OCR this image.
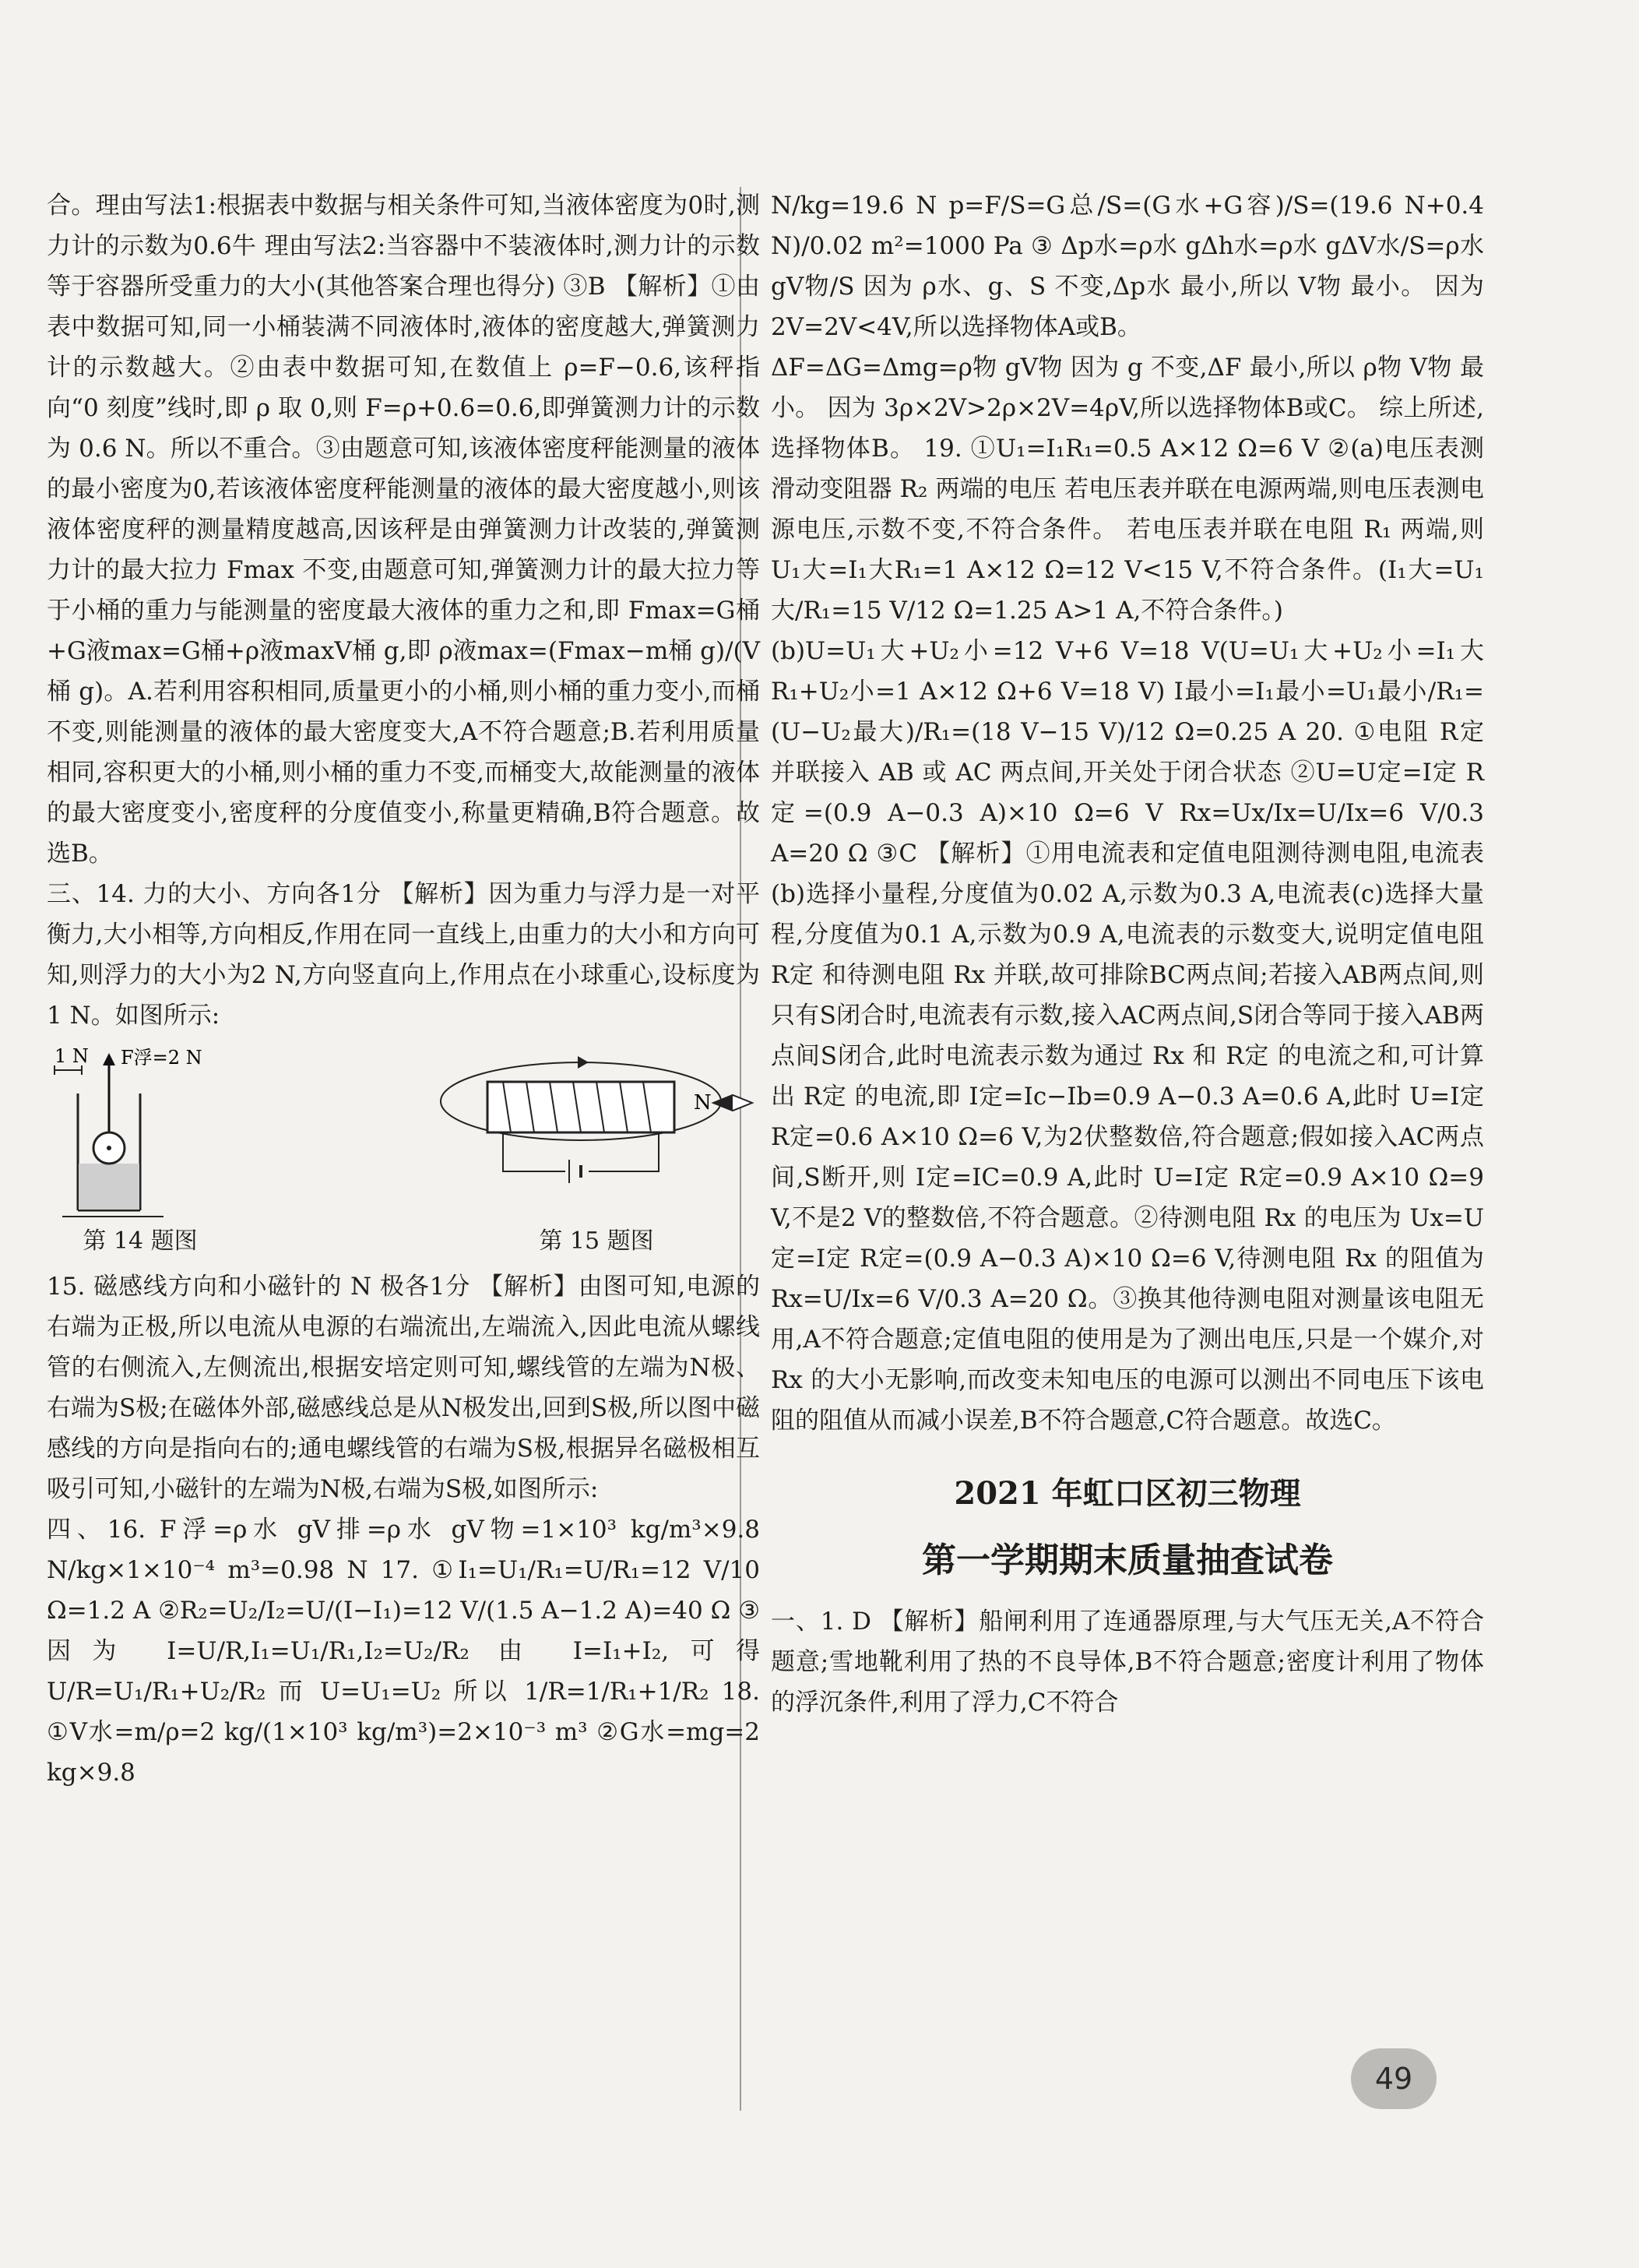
合。理由写法1:根据表中数据与相关条件可知,当液体密度为0时,测力计的示数为0.6牛 理由写法2:当容器中不装液体时,测力计的示数等于容器所受重力的大小(其他答案合理也得分) ③B 【解析】①由表中数据可知,同一小桶装满不同液体时,液体的密度越大,弹簧测力计的示数越大。②由表中数据可知,在数值上 ρ=F−0.6,该秤指向“0 刻度”线时,即 ρ 取 0,则 F=ρ+0.6=0.6,即弹簧测力计的示数为 0.6 N。所以不重合。③由题意可知,该液体密度秤能测量的液体的最小密度为0,若该液体密度秤能测量的液体的最大密度越小,则该液体密度秤的测量精度越高,因该秤是由弹簧测力计改装的,弹簧测力计的最大拉力 Fmax 不变,由题意可知,弹簧测力计的最大拉力等于小桶的重力与能测量的密度最大液体的重力之和,即 Fmax=G桶+G液max=G桶+ρ液maxV桶 g,即 ρ液max=(Fmax−m桶 g)/(V桶 g)。A.若利用容积相同,质量更小的小桶,则小桶的重力变小,而桶不变,则能测量的液体的最大密度变大,A不符合题意;B.若利用质量相同,容积更大的小桶,则小桶的重力不变,而桶变大,故能测量的液体的最大密度变小,密度秤的分度值变小,称量更精确,B符合题意。故选B。

三、14. 力的大小、方向各1分 【解析】因为重力与浮力是一对平衡力,大小相等,方向相反,作用在同一直线上,由重力的大小和方向可知,则浮力的大小为2 N,方向竖直向上,作用点在小球重心,设标度为1 N。如图所示:

1 N F浮=2 N
第 14 题图
N
第 15 题图

15. 磁感线方向和小磁针的 N 极各1分 【解析】由图可知,电源的右端为正极,所以电流从电源的右端流出,左端流入,因此电流从螺线管的右侧流入,左侧流出,根据安培定则可知,螺线管的左端为N极、右端为S极;在磁体外部,磁感线总是从N极发出,回到S极,所以图中磁感线的方向是指向右的;通电螺线管的右端为S极,根据异名磁极相互吸引可知,小磁针的左端为N极,右端为S极,如图所示:

四、16. F浮=ρ水 gV排=ρ水 gV物=1×10³ kg/m³×9.8 N/kg×1×10⁻⁴ m³=0.98 N 17. ①I₁=U₁/R₁=U/R₁=12 V/10 Ω=1.2 A ②R₂=U₂/I₂=U/(I−I₁)=12 V/(1.5 A−1.2 A)=40 Ω ③因为 I=U/R,I₁=U₁/R₁,I₂=U₂/R₂ 由 I=I₁+I₂,可得 U/R=U₁/R₁+U₂/R₂ 而 U=U₁=U₂ 所以 1/R=1/R₁+1/R₂ 18. ①V水=m/ρ=2 kg/(1×10³ kg/m³)=2×10⁻³ m³ ②G水=mg=2 kg×9.8

N/kg=19.6 N p=F/S=G总/S=(G水+G容)/S=(19.6 N+0.4 N)/0.02 m²=1000 Pa ③ Δp水=ρ水 gΔh水=ρ水 gΔV水/S=ρ水 gV物/S 因为 ρ水、g、S 不变,Δp水 最小,所以 V物 最小。 因为 2V=2V<4V,所以选择物体A或B。

ΔF=ΔG=Δmg=ρ物 gV物 因为 g 不变,ΔF 最小,所以 ρ物 V物 最小。 因为 3ρ×2V>2ρ×2V=4ρV,所以选择物体B或C。 综上所述,选择物体B。 19. ①U₁=I₁R₁=0.5 A×12 Ω=6 V ②(a)电压表测滑动变阻器 R₂ 两端的电压 若电压表并联在电源两端,则电压表测电源电压,示数不变,不符合条件。 若电压表并联在电阻 R₁ 两端,则 U₁大=I₁大R₁=1 A×12 Ω=12 V<15 V,不符合条件。(I₁大=U₁大/R₁=15 V/12 Ω=1.25 A>1 A,不符合条件。)

(b)U=U₁大+U₂小=12 V+6 V=18 V(U=U₁大+U₂小=I₁大R₁+U₂小=1 A×12 Ω+6 V=18 V) I最小=I₁最小=U₁最小/R₁=(U−U₂最大)/R₁=(18 V−15 V)/12 Ω=0.25 A 20. ①电阻 R定 并联接入 AB 或 AC 两点间,开关处于闭合状态 ②U=U定=I定 R定=(0.9 A−0.3 A)×10 Ω=6 V Rx=Ux/Ix=U/Ix=6 V/0.3 A=20 Ω ③C 【解析】①用电流表和定值电阻测待测电阻,电流表(b)选择小量程,分度值为0.02 A,示数为0.3 A,电流表(c)选择大量程,分度值为0.1 A,示数为0.9 A,电流表的示数变大,说明定值电阻 R定 和待测电阻 Rx 并联,故可排除BC两点间;若接入AB两点间,则只有S闭合时,电流表有示数,接入AC两点间,S闭合等同于接入AB两点间S闭合,此时电流表示数为通过 Rx 和 R定 的电流之和,可计算出 R定 的电流,即 I定=Ic−Ib=0.9 A−0.3 A=0.6 A,此时 U=I定 R定=0.6 A×10 Ω=6 V,为2伏整数倍,符合题意;假如接入AC两点间,S断开,则 I定=IC=0.9 A,此时 U=I定 R定=0.9 A×10 Ω=9 V,不是2 V的整数倍,不符合题意。②待测电阻 Rx 的电压为 Ux=U定=I定 R定=(0.9 A−0.3 A)×10 Ω=6 V,待测电阻 Rx 的阻值为 Rx=U/Ix=6 V/0.3 A=20 Ω。③换其他待测电阻对测量该电阻无用,A不符合题意;定值电阻的使用是为了测出电压,只是一个媒介,对 Rx 的大小无影响,而改变未知电压的电源可以测出不同电压下该电阻的阻值从而减小误差,B不符合题意,C符合题意。故选C。

2021 年虹口区初三物理
第一学期期末质量抽查试卷

一、1. D 【解析】船闸利用了连通器原理,与大气压无关,A不符合题意;雪地靴利用了热的不良导体,B不符合题意;密度计利用了物体的浮沉条件,利用了浮力,C不符合

49
